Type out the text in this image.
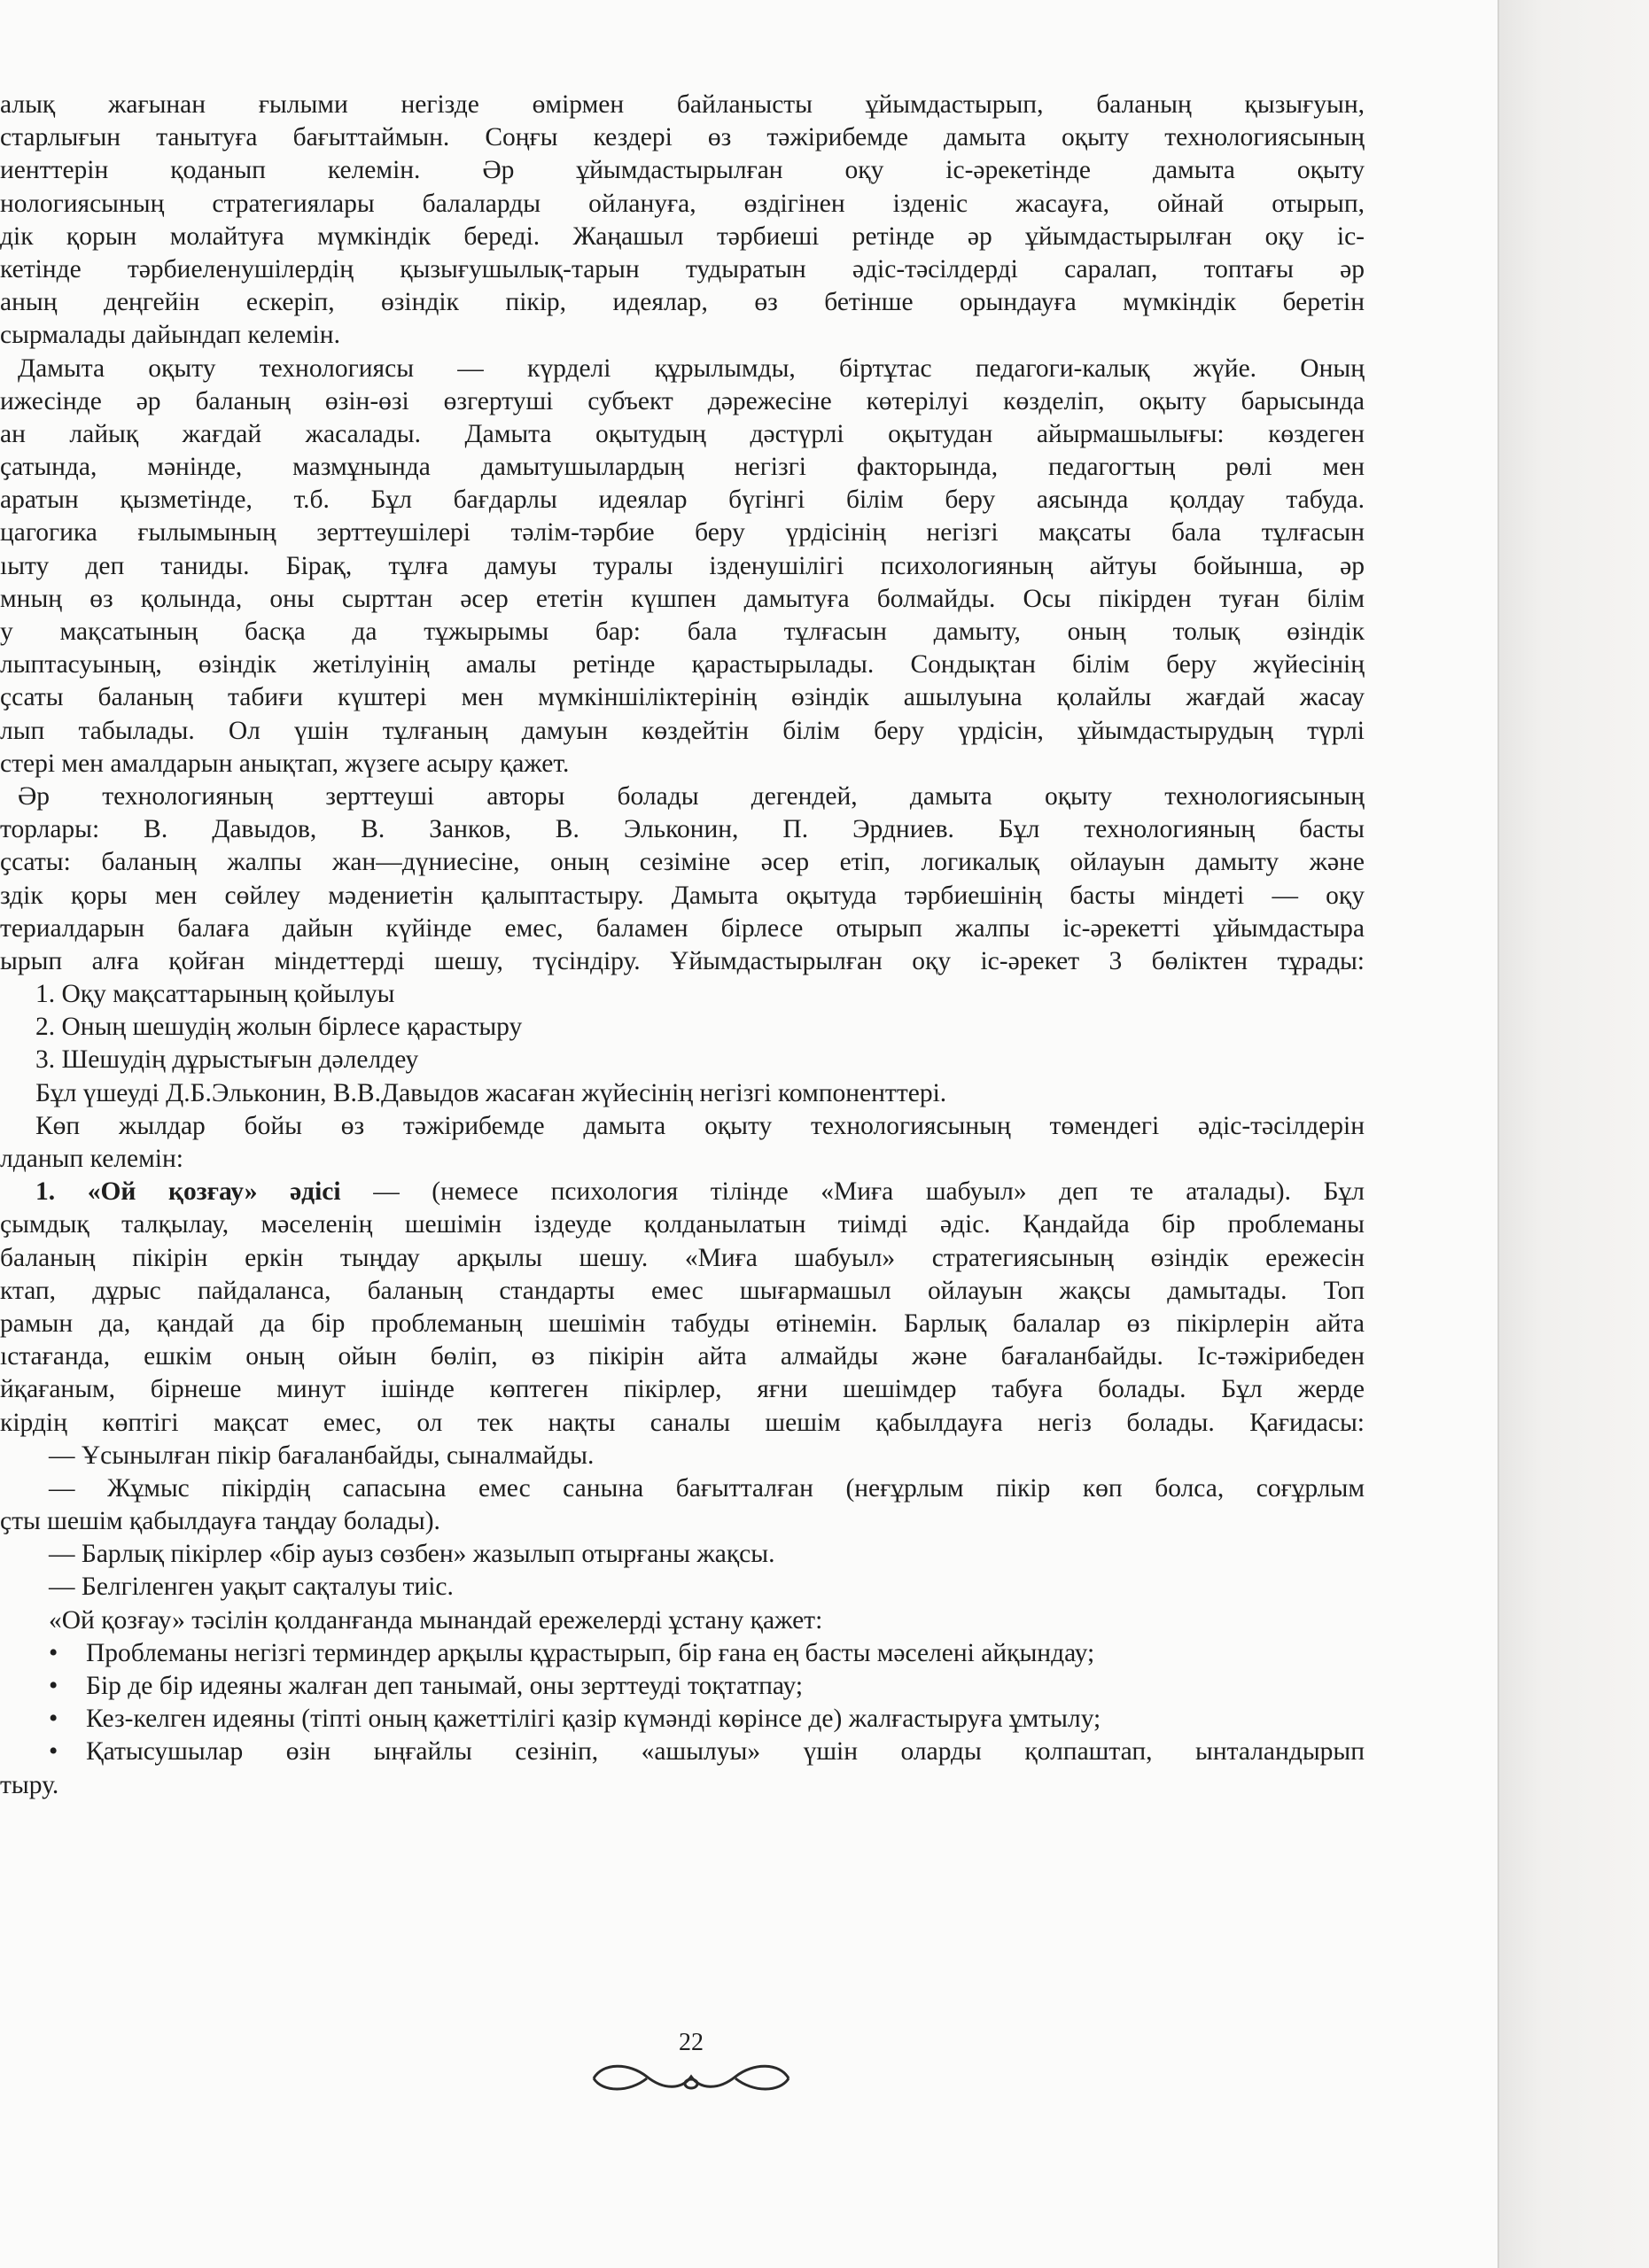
алық жағынан ғылыми негізде өмірмен байланысты ұйымдастырып, баланың қызығуын,
старлығын танытуға бағыттаймын. Соңғы кездері өз тәжірибемде дамыта оқыту технологиясының
иенттерін қоданып келемін. Әр ұйымдастырылған оқу іс-әрекетінде дамыта оқыту
нологиясының стратегиялары балаларды ойлануға, өздігінен ізденіс жасауға, ойнай отырып,
дік қорын молайтуға мүмкіндік береді. Жаңашыл тәрбиеші ретінде әр ұйымдастырылған оқу іс-
кетінде тәрбиеленушілердің қызығушылық-тарын тудыратын әдіс-тәсілдерді саралап, топтағы әр
аның деңгейін ескеріп, өзіндік пікір, идеялар, өз бетінше орындауға мүмкіндік беретін
сырмалады дайындап келемін.
Дамыта оқыту технологиясы — күрделі құрылымды, біртұтас педагоги-калық жүйе. Оның
ижесінде әр баланың өзін-өзі өзгертуші субъект дәрежесіне көтерілуі көзделіп, оқыту барысында
ан лайық жағдай жасалады. Дамыта оқытудың дәстүрлі оқытудан айырмашылығы: көздеген
ҫатында, мәнінде, мазмұнында дамытушылардың негізгі факторында, педагогтың рөлі мен
аратын қызметінде, т.б. Бұл бағдарлы идеялар бүгінгі білім беру аясында қолдау табуда.
цагогика ғылымының зерттеушілері тәлім-тәрбие беру үрдісінің негізгі мақсаты бала тұлғасын
ıыту деп таниды. Бірақ, тұлға дамуы туралы ізденушілігі психологияның айтуы бойынша, әр
мның өз қолында, оны сырттан әсер ететін күшпен дамытуға болмайды. Осы пікірден туған білім
у мақсатының басқа да тұжырымы бар: бала тұлғасын дамыту, оның толық өзіндік
лыптасуының, өзіндік жетілуінің амалы ретінде қарастырылады. Сондықтан білім беру жүйесінің
ҫсаты баланың табиғи күштері мен мүмкіншіліктерінің өзіндік ашылуына қолайлы жағдай жасау
лып табылады. Ол үшін тұлғаның дамуын көздейтін білім беру үрдісін, ұйымдастырудың түрлі
стері мен амалдарын анықтап, жүзеге асыру қажет.
Әр технологияның зерттеуші авторы болады дегендей, дамыта оқыту технологиясының
торлары: В. Давыдов, В. Занков, В. Эльконин, П. Эрдниев. Бұл технологияның басты
ҫсаты: баланың жалпы жан—дүниесіне, оның сезіміне әсер етіп, логикалық ойлауын дамыту және
здік қоры мен сөйлеу мәдениетін қалыптастыру. Дамыта оқытуда тәрбиешінің басты міндеті — оқу
териалдарын балаға дайын күйінде емес, баламен бірлесе отырып жалпы іс-әрекетті ұйымдастыра
ырып алға қойған міндеттерді шешу, түсіндіру. Ұйымдастырылған оқу іс-әрекет 3 бөліктен тұрады:
1. Оқу мақсаттарының қойылуы
2. Оның шешудің жолын бірлесе қарастыру
3. Шешудің дұрыстығын дәлелдеу
Бұл үшеуді Д.Б.Эльконин, В.В.Давыдов жасаған жүйесінің негізгі компоненттері.
Көп жылдар бойы өз тәжірибемде дамыта оқыту технологиясының төмендегі әдіс-тәсілдерін
лданып келемін:
1. «Ой қозғау» әдісі — (немесе психология тілінде «Миға шабуыл» деп те аталады). Бұл
ҫымдық талқылау, мәселенің шешімін іздеуде қолданылатын тиімді әдіс. Қандайда бір проблеманы
баланың пікірін еркін тыңдау арқылы шешу. «Миға шабуыл» стратегиясының өзіндік ережесін
ктап, дұрыс пайдаланса, баланың стандарты емес шығармашыл ойлауын жақсы дамытады. Топ
рамын да, қандай да бір проблеманың шешімін табуды өтінемін. Барлық балалар өз пікірлерін айта
ıстағанда, ешкім оның ойын бөліп, өз пікірін айта алмайды және бағаланбайды. Іс-тәжірибеден
йқағаным, бірнеше минут ішінде көптеген пікірлер, яғни шешімдер табуға болады. Бұл жерде
кірдің көптігі мақсат емес, ол тек нақты саналы шешім қабылдауға негіз болады. Қағидасы:
— Ұсынылған пікір бағаланбайды, сыналмайды.
— Жұмыс пікірдің сапасына емес санына бағытталған (неғұрлым пікір көп болса, соғұрлым
ҫты шешім қабылдауға таңдау болады).
— Барлық пікірлер «бір ауыз сөзбен» жазылып отырғаны жақсы.
— Белгіленген уақыт сақталуы тиіс.
«Ой қозғау» тәсілін қолданғанда мынандай ережелерді ұстану қажет:
• Проблеманы негізгі терминдер арқылы құрастырып, бір ғана ең басты мәселені айқындау;
• Бір де бір идеяны жалған деп танымай, оны зерттеуді тоқтатпау;
• Кез-келген идеяны (тіпті оның қажеттілігі қазір күмәнді көрінсе де) жалғастыруға ұмтылу;
• Қатысушылар өзін ыңғайлы сезініп, «ашылуы» үшін оларды қолпаштап, ынталандырып
тыру.
22
